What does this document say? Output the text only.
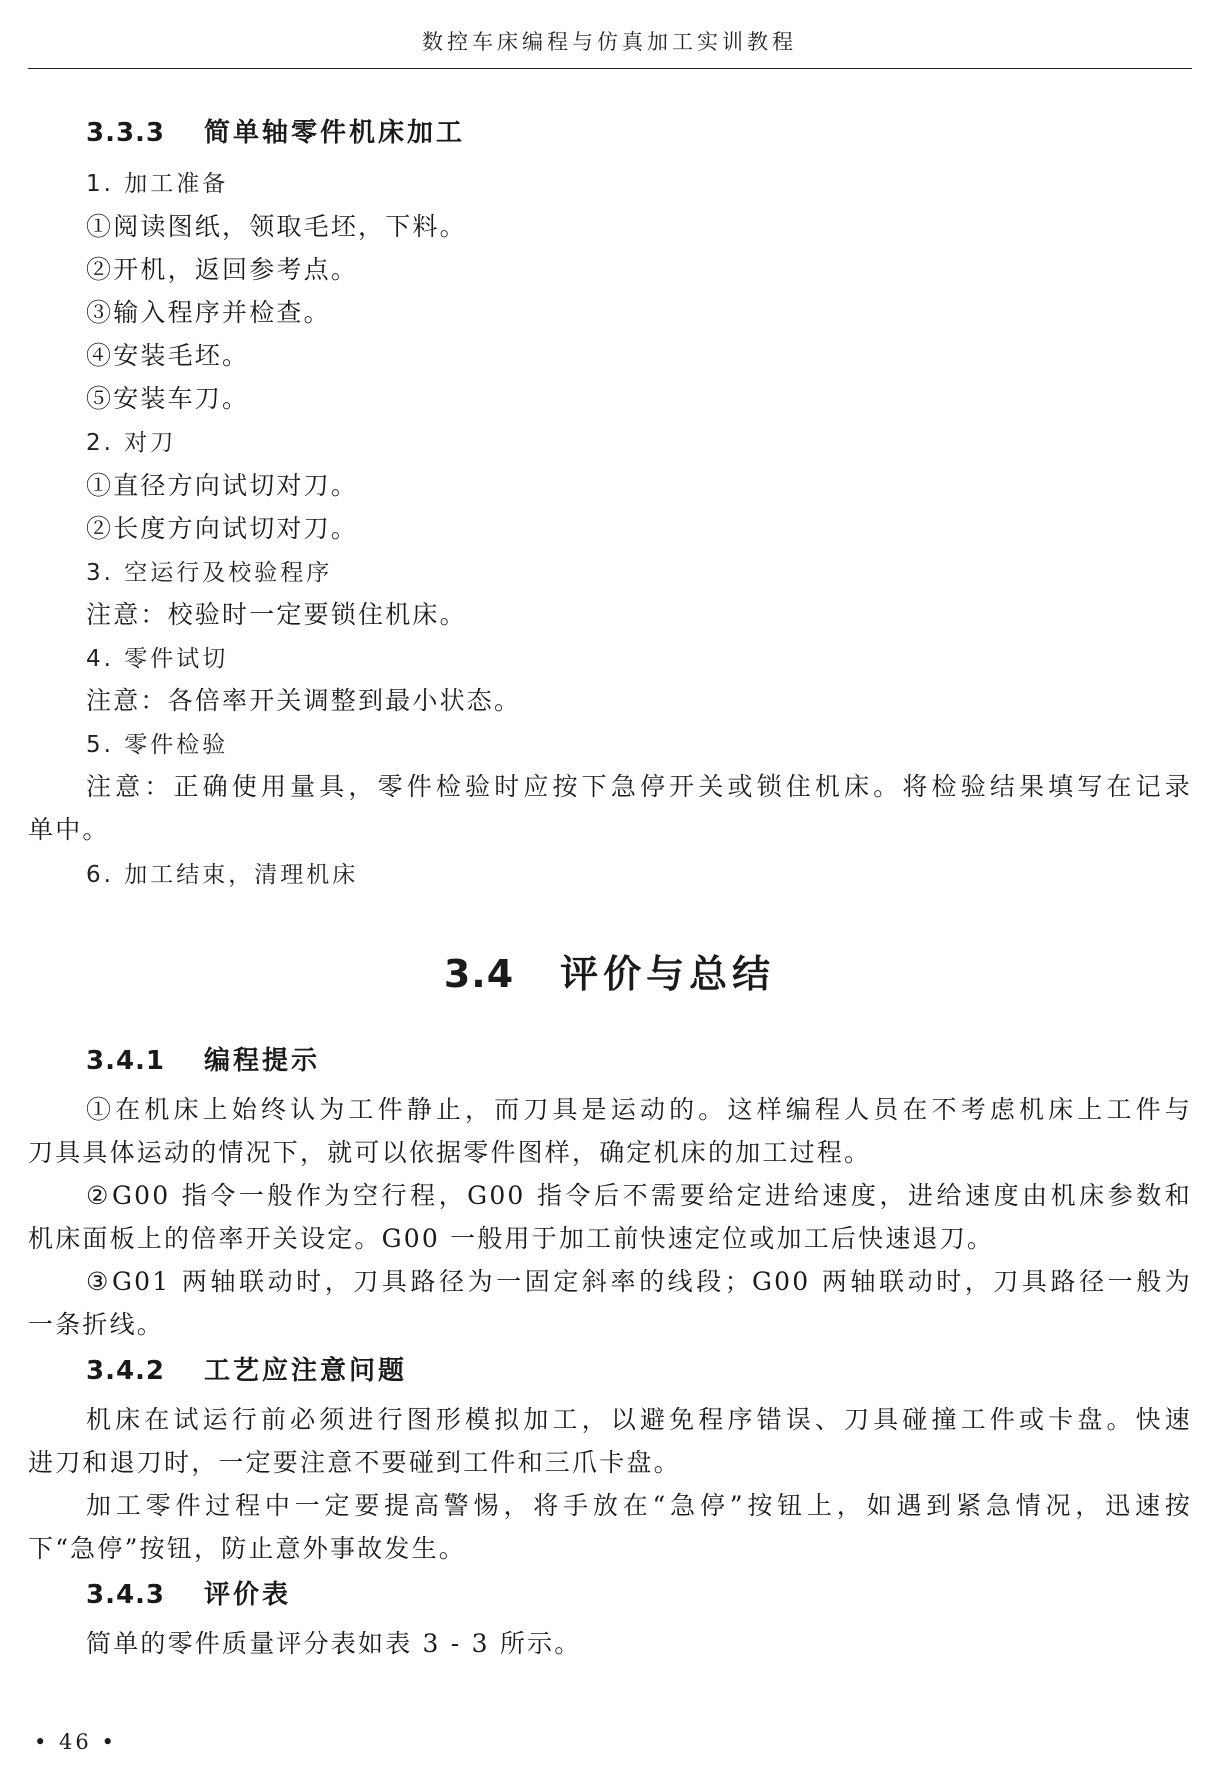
数控车床编程与仿真加工实训教程
3.3.3 简单轴零件机床加工
1. 加工准备
①阅读图纸，领取毛坯，下料。
②开机，返回参考点。
③输入程序并检查。
④安装毛坯。
⑤安装车刀。
2. 对刀
①直径方向试切对刀。
②长度方向试切对刀。
3. 空运行及校验程序
注意：校验时一定要锁住机床。
4. 零件试切
注意：各倍率开关调整到最小状态。
5. 零件检验
注意：正确使用量具，零件检验时应按下急停开关或锁住机床。将检验结果填写在记录
单中。
6. 加工结束，清理机床
3.4 评价与总结
3.4.1 编程提示
①在机床上始终认为工件静止，而刀具是运动的。这样编程人员在不考虑机床上工件与
刀具具体运动的情况下，就可以依据零件图样，确定机床的加工过程。
②G00 指令一般作为空行程，G00 指令后不需要给定进给速度，进给速度由机床参数和
机床面板上的倍率开关设定。G00 一般用于加工前快速定位或加工后快速退刀。
③G01 两轴联动时，刀具路径为一固定斜率的线段；G00 两轴联动时，刀具路径一般为
一条折线。
3.4.2 工艺应注意问题
机床在试运行前必须进行图形模拟加工，以避免程序错误、刀具碰撞工件或卡盘。快速
进刀和退刀时，一定要注意不要碰到工件和三爪卡盘。
加工零件过程中一定要提高警惕，将手放在“急停”按钮上，如遇到紧急情况，迅速按
下“急停”按钮，防止意外事故发生。
3.4.3 评价表
简单的零件质量评分表如表 3 - 3 所示。
• 46 •
